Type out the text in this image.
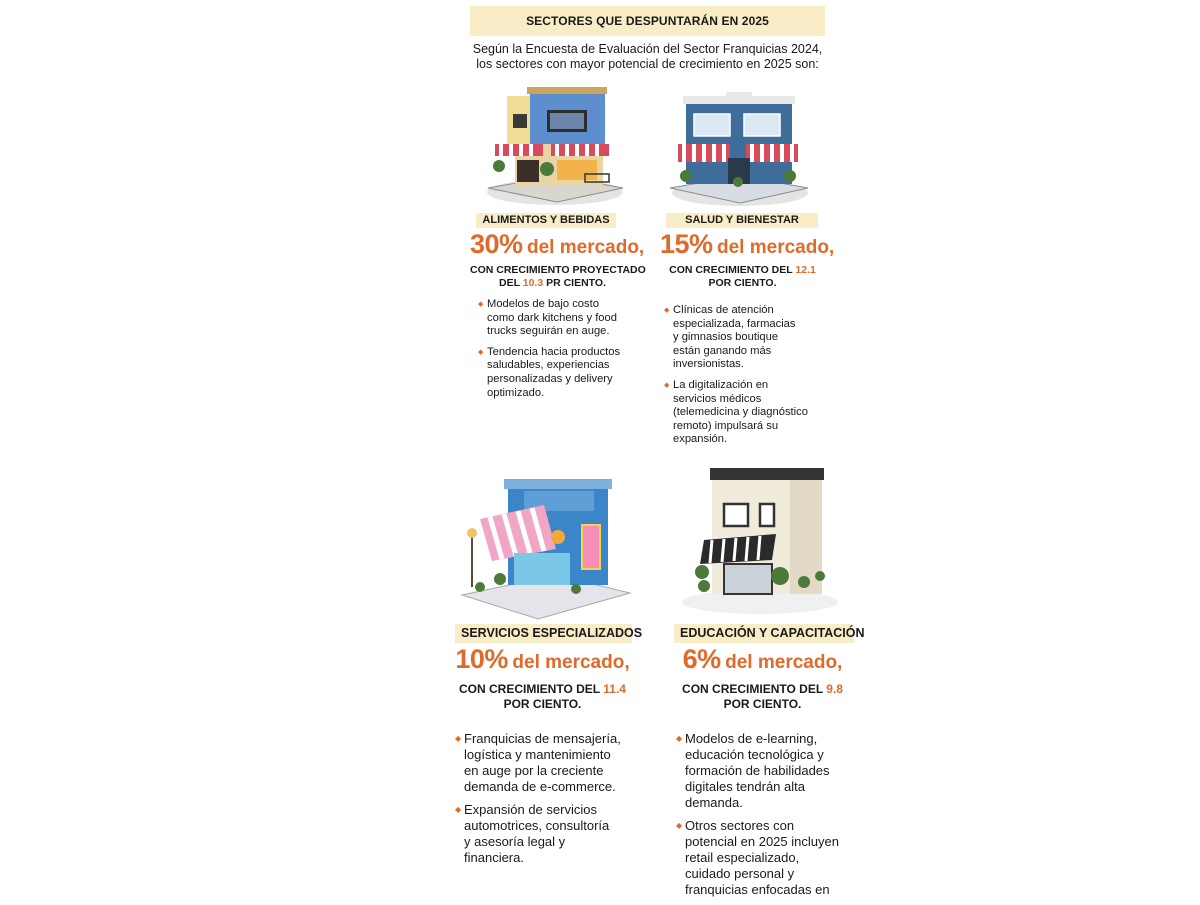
SECTORES QUE DESPUNTARÁN EN 2025
Según la Encuesta de Evaluación del Sector Franquicias 2024,
los sectores con mayor potencial de crecimiento en 2025 son:
ALIMENTOS Y BEBIDAS
30% del mercado,
CON CRECIMIENTO PROYECTADO
DEL 10.3 PR CIENTO.
◆ Modelos de bajo costo
como dark kitchens y food
trucks seguirán en auge.
◆ Tendencia hacia productos
saludables, experiencias
personalizadas y delivery
optimizado.
SALUD Y BIENESTAR
15% del mercado,
CON CRECIMIENTO DEL 12.1
POR CIENTO.
◆ Clínicas de atención
especializada, farmacias
y gimnasios boutique
están ganando más
inversionistas.
◆ La digitalización en
servicios médicos
(telemedicina y diagnóstico
remoto) impulsará su
expansión.
SERVICIOS ESPECIALIZADOS
10% del mercado,
CON CRECIMIENTO DEL 11.4
POR CIENTO.
◆ Franquicias de mensajería,
logística y mantenimiento
en auge por la creciente
demanda de e-commerce.
◆ Expansión de servicios
automotrices, consultoría
y asesoría legal y
financiera.
EDUCACIÓN Y CAPACITACIÓN
6% del mercado,
CON CRECIMIENTO DEL 9.8
POR CIENTO.
◆ Modelos de e-learning,
educación tecnológica y
formación de habilidades
digitales tendrán alta
demanda.
◆ Otros sectores con
potencial en 2025 incluyen
retail especializado,
cuidado personal y
franquicias enfocadas en
